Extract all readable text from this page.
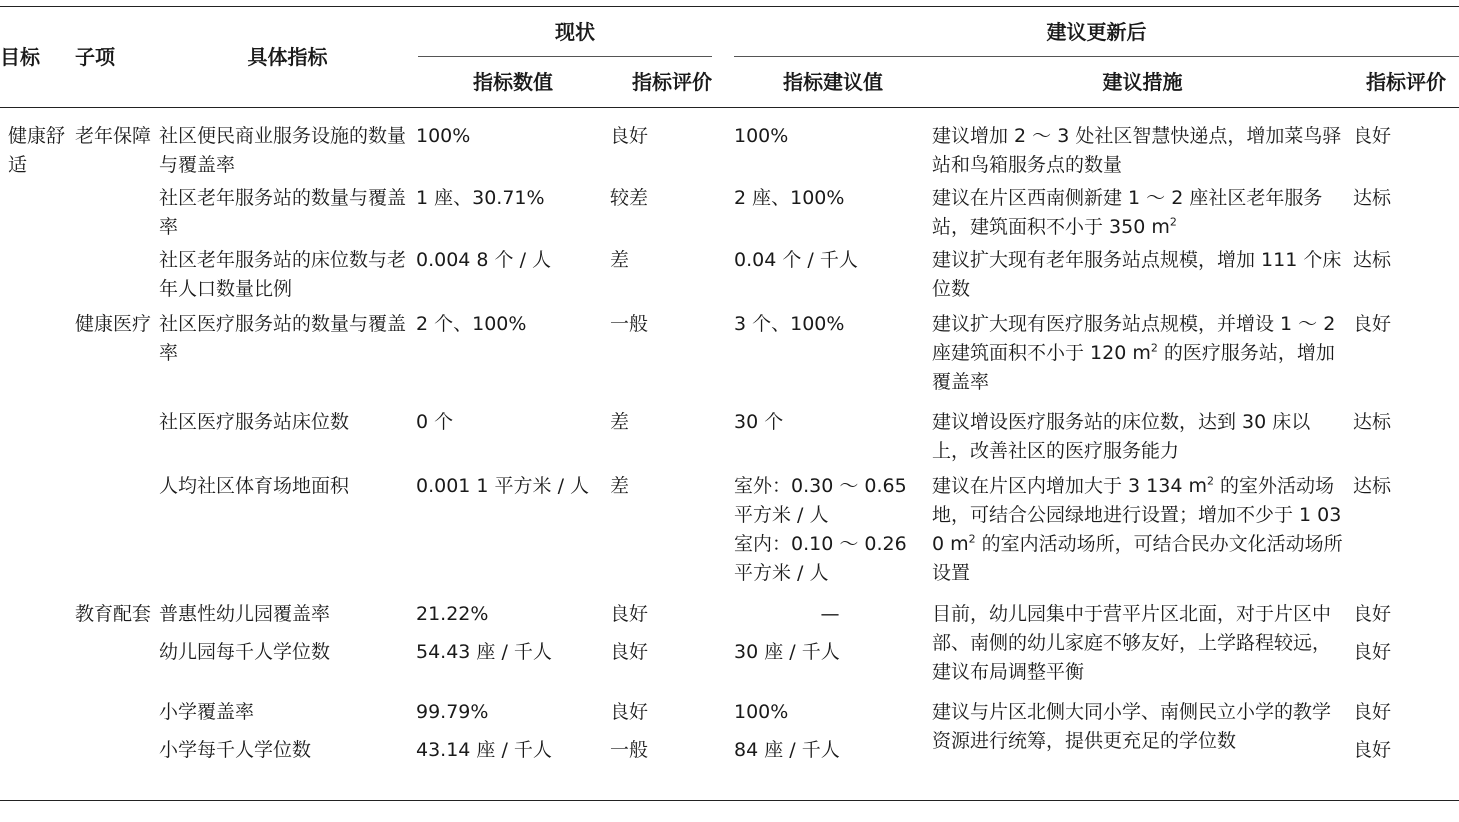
目标	子项	具体指标	现状		建议更新后		
			指标数值	指标评价	指标建议值	建议措施	指标评价
健康舒适	老年保障	社区便民商业服务设施的数量与覆盖率	100%	良好	100%	建议增加 2 ～ 3 处社区智慧快递点，增加菜鸟驿站和鸟箱服务点的数量	良好
		社区老年服务站的数量与覆盖率	1 座、30.71%	较差	2 座、100%	建议在片区西南侧新建 1 ～ 2 座社区老年服务站，建筑面积不小于 350 $m^2$	达标
		社区老年服务站的床位数与老年人口数量比例	0.004 8 个 / 人	差	0.04 个 / 千人	建议扩大现有老年服务站点规模，增加 111 个床位数	达标
	健康医疗	社区医疗服务站的数量与覆盖率	2 个、100%	一般	3 个、100%	建议扩大现有医疗服务站点规模，并增设 1 ～ 2 座建筑面积不小于 120 $m^2$ 的医疗服务站，增加覆盖率	良好
		社区医疗服务站床位数	0 个	差	30 个	建议增设医疗服务站的床位数，达到 30 床以上，改善社区的医疗服务能力	达标
		人均社区体育场地面积	0.001 1 平方米 / 人	差	室外：0.30 ～ 0.65 平方米 / 人
室内：0.10 ～ 0.26 平方米 / 人	建议在片区内增加大于 3 134 $m^2$ 的室外活动场地，可结合公园绿地进行设置；增加不少于 1 030 $m^2$ 的室内活动场所，可结合民办文化活动场所设置	达标
	教育配套	普惠性幼儿园覆盖率	21.22%	良好	—	目前，幼儿园集中于营平片区北面，对于片区中部、南侧的幼儿家庭不够友好，上学路程较远，建议布局调整平衡	良好
		幼儿园每千人学位数	54.43 座 / 千人	良好	30 座 / 千人		良好
		小学覆盖率	99.79%	良好	100%	建议与片区北侧大同小学、南侧民立小学的教学资源进行统筹，提供更充足的学位数	良好
		小学每千人学位数	43.14 座 / 千人	一般	84 座 / 千人		良好
